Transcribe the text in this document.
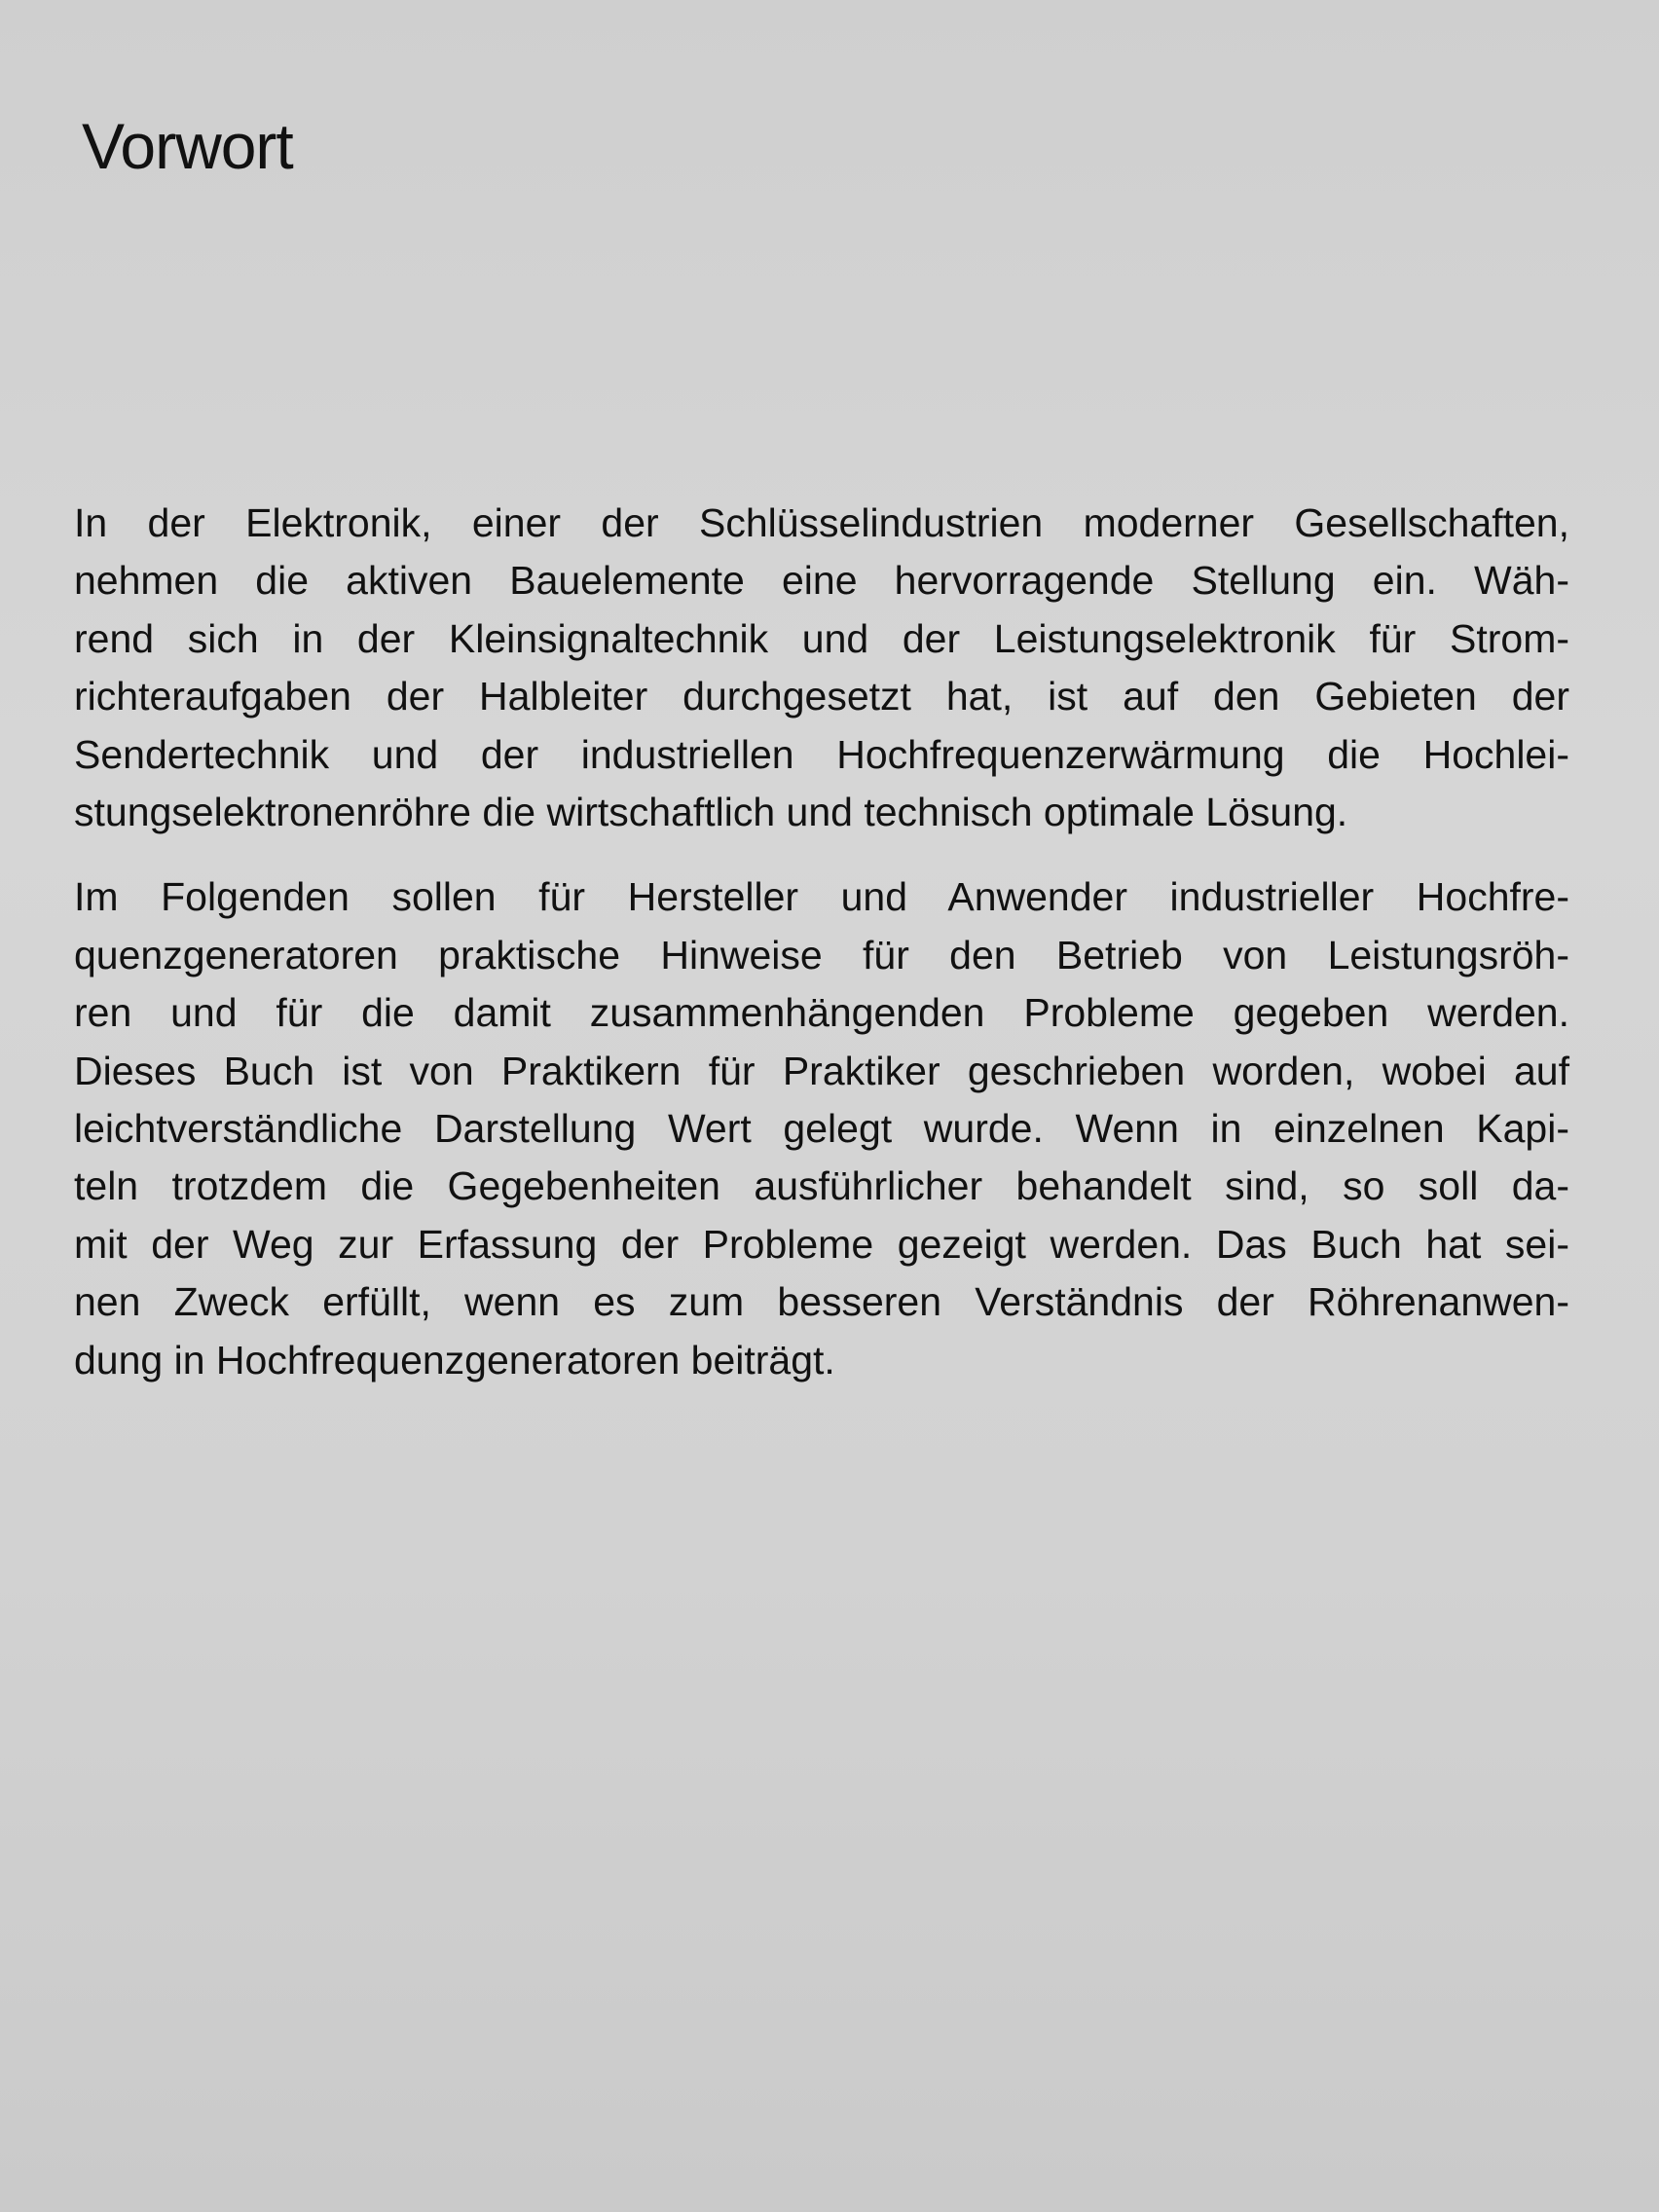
Vorwort

In der Elektronik, einer der Schlüsselindustrien moderner Gesellschaften,
nehmen die aktiven Bauelemente eine hervorragende Stellung ein. Wäh-
rend sich in der Kleinsignaltechnik und der Leistungselektronik für Strom-
richteraufgaben der Halbleiter durchgesetzt hat, ist auf den Gebieten der
Sendertechnik und der industriellen Hochfrequenzerwärmung die Hochlei-
stungselektronenröhre die wirtschaftlich und technisch optimale Lösung.

Im Folgenden sollen für Hersteller und Anwender industrieller Hochfre-
quenzgeneratoren praktische Hinweise für den Betrieb von Leistungsröh-
ren und für die damit zusammenhängenden Probleme gegeben werden.
Dieses Buch ist von Praktikern für Praktiker geschrieben worden, wobei auf
leichtverständliche Darstellung Wert gelegt wurde. Wenn in einzelnen Kapi-
teln trotzdem die Gegebenheiten ausführlicher behandelt sind, so soll da-
mit der Weg zur Erfassung der Probleme gezeigt werden. Das Buch hat sei-
nen Zweck erfüllt, wenn es zum besseren Verständnis der Röhrenanwen-
dung in Hochfrequenzgeneratoren beiträgt.
